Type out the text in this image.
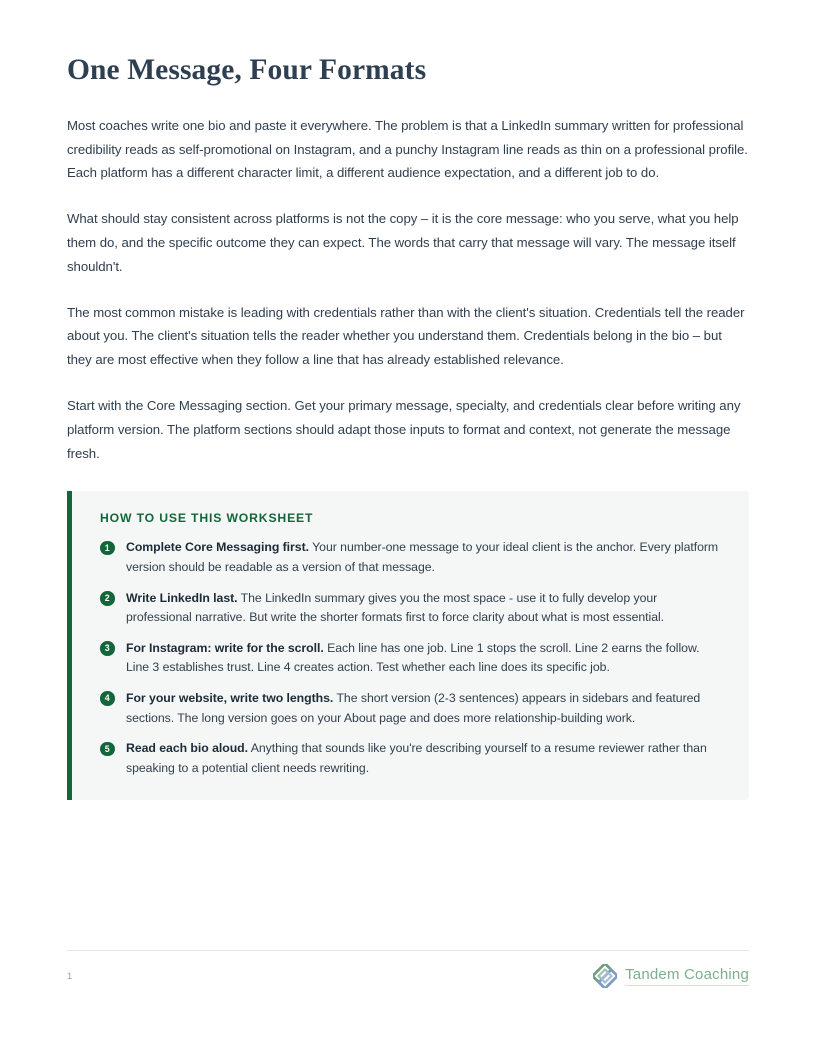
One Message, Four Formats

Most coaches write one bio and paste it everywhere. The problem is that a LinkedIn summary written for professional credibility reads as self-promotional on Instagram, and a punchy Instagram line reads as thin on a professional profile. Each platform has a different character limit, a different audience expectation, and a different job to do.

What should stay consistent across platforms is not the copy – it is the core message: who you serve, what you help them do, and the specific outcome they can expect. The words that carry that message will vary. The message itself shouldn't.

The most common mistake is leading with credentials rather than with the client's situation. Credentials tell the reader about you. The client's situation tells the reader whether you understand them. Credentials belong in the bio – but they are most effective when they follow a line that has already established relevance.

Start with the Core Messaging section. Get your primary message, specialty, and credentials clear before writing any platform version. The platform sections should adapt those inputs to format and context, not generate the message fresh.

HOW TO USE THIS WORKSHEET
1	Complete Core Messaging first. Your number-one message to your ideal client is the anchor. Every platform version should be readable as a version of that message.
2	Write LinkedIn last. The LinkedIn summary gives you the most space - use it to fully develop your professional narrative. But write the shorter formats first to force clarity about what is most essential.
3	For Instagram: write for the scroll. Each line has one job. Line 1 stops the scroll. Line 2 earns the follow. Line 3 establishes trust. Line 4 creates action. Test whether each line does its specific job.
4	For your website, write two lengths. The short version (2-3 sentences) appears in sidebars and featured sections. The long version goes on your About page and does more relationship-building work.
5	Read each bio aloud. Anything that sounds like you're describing yourself to a resume reviewer rather than speaking to a potential client needs rewriting.
1	Tandem Coaching
